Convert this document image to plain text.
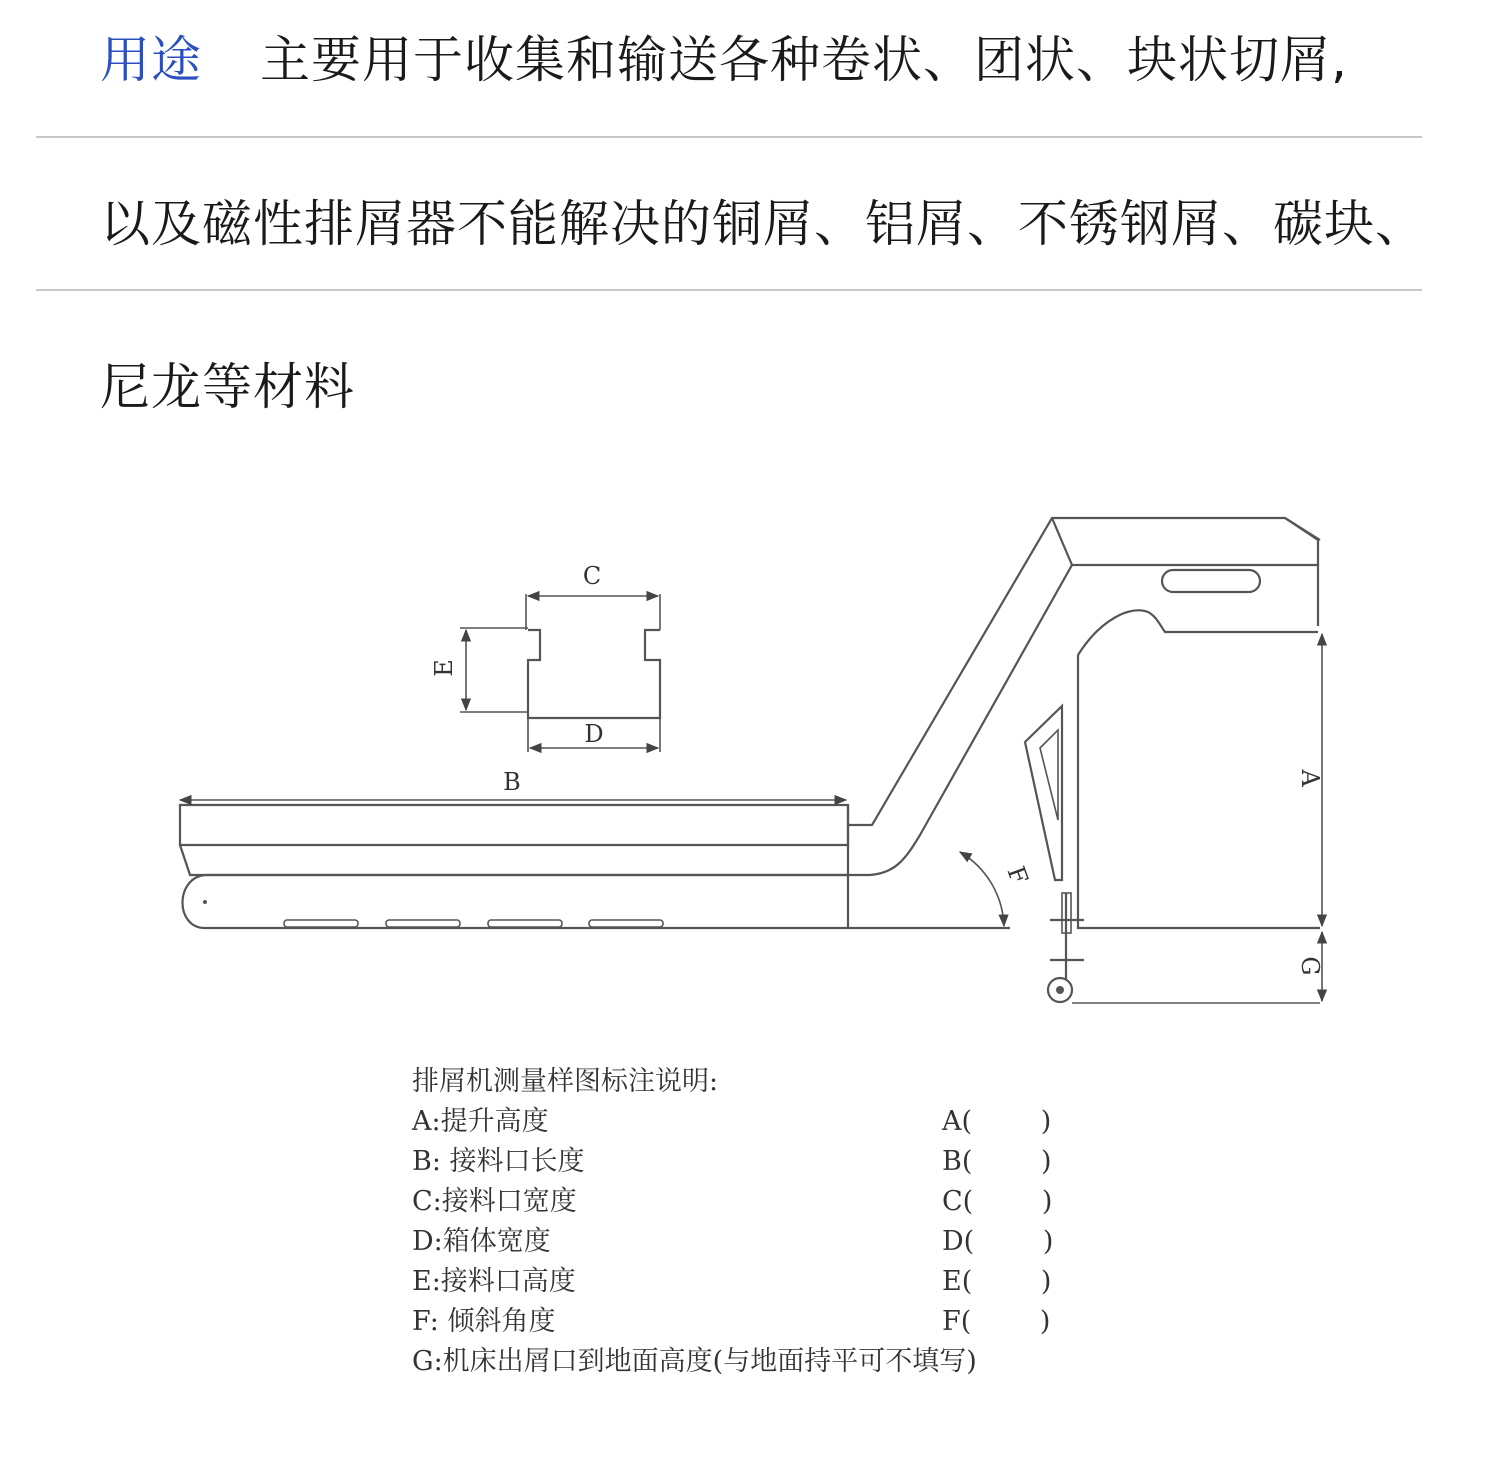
用途 主要用于收集和输送各种卷状、团状、块状切屑,
以及磁性排屑器不能解决的铜屑、铝屑、不锈钢屑、碳块、
尼龙等材料
C
D
E
B	A
F
G
排屑机测量样图标注说明:
A:提升高度
B: 接料口长度
C:接料口宽度
D:箱体宽度
E:接料口高度
F: 倾斜角度
G:机床出屑口到地面高度(与地面持平可不填写)
A(        )
B(        )
C(        )
D(        )
E(        )
F(        )
